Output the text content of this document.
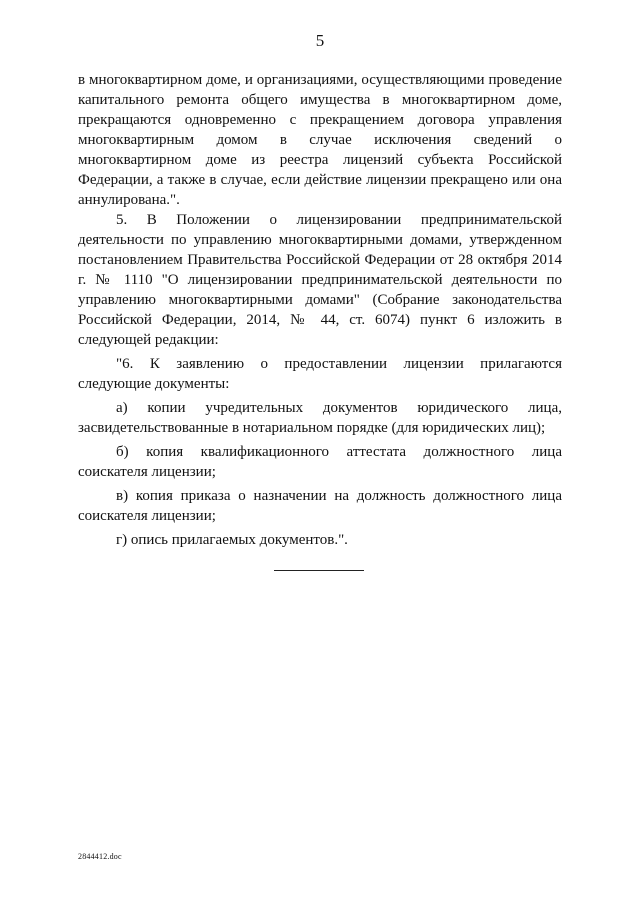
5

в многоквартирном доме, и организациями, осуществляющими проведение капитального ремонта общего имущества в многоквартирном доме, прекращаются одновременно с прекращением договора управления многоквартирным домом в случае исключения сведений о многоквартирном доме из реестра лицензий субъекта Российской Федерации, а также в случае, если действие лицензии прекращено или она аннулирована.".

5. В Положении о лицензировании предпринимательской деятельности по управлению многоквартирными домами, утвержденном постановлением Правительства Российской Федерации от 28 октября 2014 г. № 1110 "О лицензировании предпринимательской деятельности по управлению многоквартирными домами" (Собрание законодательства Российской Федерации, 2014, № 44, ст. 6074) пункт 6 изложить в следующей редакции:

"6. К заявлению о предоставлении лицензии прилагаются следующие документы:

а) копии учредительных документов юридического лица, засвидетельствованные в нотариальном порядке (для юридических лиц);

б) копия квалификационного аттестата должностного лица соискателя лицензии;

в) копия приказа о назначении на должность должностного лица соискателя лицензии;

г) опись прилагаемых документов.".

2844412.doc
